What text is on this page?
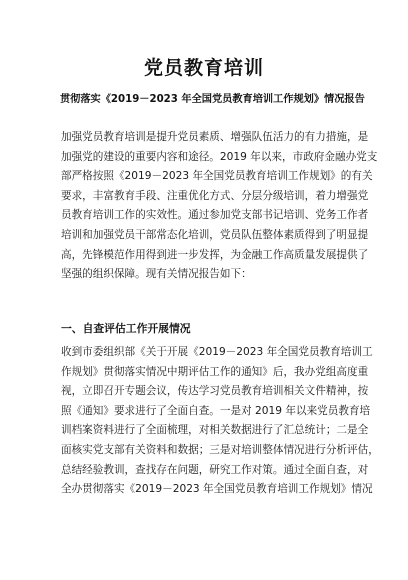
党员教育培训
贯彻落实《2019－2023 年全国党员教育培训工作规划》情况报告
加强党员教育培训是提升党员素质、增强队伍活力的有力措施，是
加强党的建设的重要内容和途径。2019 年以来，市政府金融办党支
部严格按照《2019－2023 年全国党员教育培训工作规划》的有关
要求，丰富教育手段、注重优化方式、分层分级培训，着力增强党
员教育培训工作的实效性。通过参加党支部书记培训、党务工作者
培训和加强党员干部常态化培训，党员队伍整体素质得到了明显提
高，先锋模范作用得到进一步发挥，为金融工作高质量发展提供了
坚强的组织保障。现有关情况报告如下：
一、自查评估工作开展情况
收到市委组织部《关于开展《2019－2023 年全国党员教育培训工
作规划》贯彻落实情况中期评估工作的通知》后，我办党组高度重
视，立即召开专题会议，传达学习党员教育培训相关文件精神，按
照《通知》要求进行了全面自查。一是对 2019 年以来党员教育培
训档案资料进行了全面梳理，对相关数据进行了汇总统计；二是全
面核实党支部有关资料和数据；三是对培训整体情况进行分析评估，
总结经验教训，查找存在问题，研究工作对策。通过全面自查，对
全办贯彻落实《2019－2023 年全国党员教育培训工作规划》情况
